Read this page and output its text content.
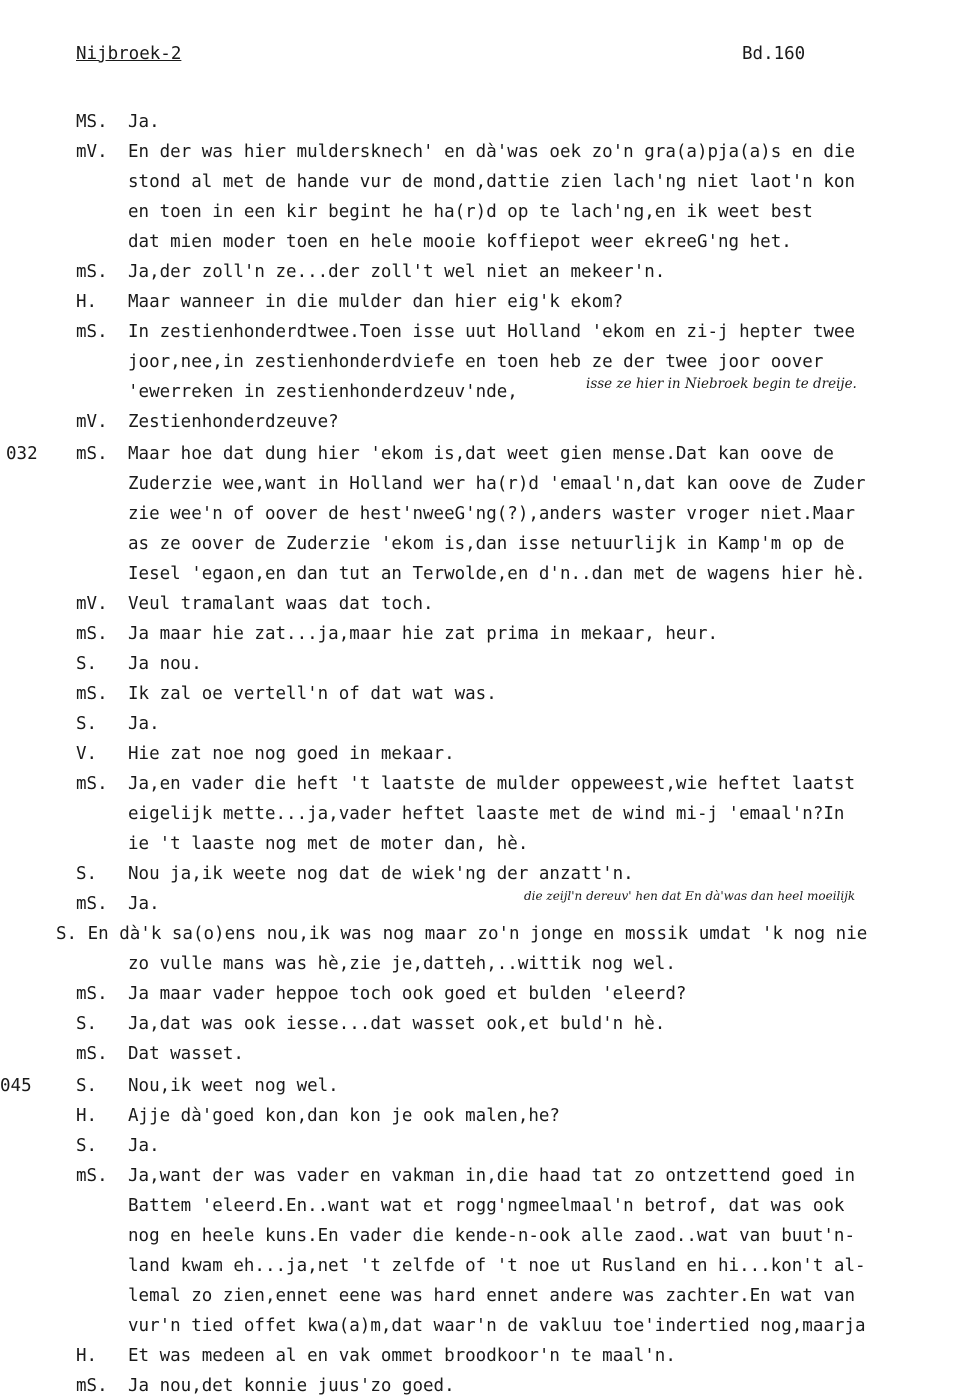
Nijbroek-2	Bd.160
MS. Ja.
mV. En der was hier muldersknech' en dà'was oek zo'n gra(a)pja(a)s en die
stond al met de hande vur de mond,dattie zien lach'ng niet laot'n kon
en toen in een kir begint he ha(r)d op te lach'ng,en ik weet best
dat mien moder toen en hele mooie koffiepot weer ekreeG'ng het.
mS. Ja,der zoll'n ze...der zoll't wel niet an mekeer'n.
H. Maar wanneer in die mulder dan hier eig'k ekom?
mS. In zestienhonderdtwee.Toen isse uut Holland 'ekom en zi-j hepter twee
joor,nee,in zestienhonderdviefe en toen heb ze der twee joor oover
'ewerreken in zestienhonderdzeuv'nde,
mV. Zestienhonderdzeuve?
032 mS. Maar hoe dat dung hier 'ekom is,dat weet gien mense.Dat kan oove de
Zuderzie wee,want in Holland wer ha(r)d 'emaal'n,dat kan oove de Zuder
zie wee'n of oover de hest'nweeG'ng(?),anders waster vroger niet.Maar
as ze oover de Zuderzie 'ekom is,dan isse netuurlijk in Kamp'm op de
Iesel 'egaon,en dan tut an Terwolde,en d'n..dan met de wagens hier hè.
mV. Veul tramalant waas dat toch.
mS. Ja maar hie zat...ja,maar hie zat prima in mekaar, heur.
S. Ja nou.
mS. Ik zal oe vertell'n of dat wat was.
S. Ja.
V. Hie zat noe nog goed in mekaar.
mS. Ja,en vader die heft 't laatste de mulder oppeweest,wie heftet laatst
eigelijk mette...ja,vader heftet laaste met de wind mi-j 'emaal'n?In
ie 't laaste nog met de moter dan, hè.
S. Nou ja,ik weete nog dat de wiek'ng der anzatt'n.
mS. Ja.
S. En dà'k sa(o)ens nou,ik was nog maar zo'n jonge en mossik umdat 'k nog nie
zo vulle mans was hè,zie je,datteh,..wittik nog wel.
mS. Ja maar vader heppoe toch ook goed et bulden 'eleerd?
S. Ja,dat was ook iesse...dat wasset ook,et buld'n hè.
mS. Dat wasset.
045	S. Nou,ik weet nog wel.
H. Ajje dà'goed kon,dan kon je ook malen,he?
S. Ja.
mS. Ja,want der was vader en vakman in,die haad tat zo ontzettend goed in
Battem 'eleerd.En..want wat et rogg'ngmeelmaal'n betrof, dat was ook
nog en heele kuns.En vader die kende-n-ook alle zaod..wat van buut'n-
land kwam eh...ja,net 't zelfde of 't noe ut Rusland en hi...kon't al-
lemal zo zien,ennet eene was hard ennet andere was zachter.En wat van
vur'n tied offet kwa(a)m,dat waar'n de vakluu toe'indertied nog,maarja
H. Et was medeen al en vak ommet broodkoor'n te maal'n.
mS. Ja nou,det konnie juus'zo goed.
isse ze hier in Niebroek begin te dreije.
die zeijl'n dereuv' hen dat En dà'was dan heel moeilijk
